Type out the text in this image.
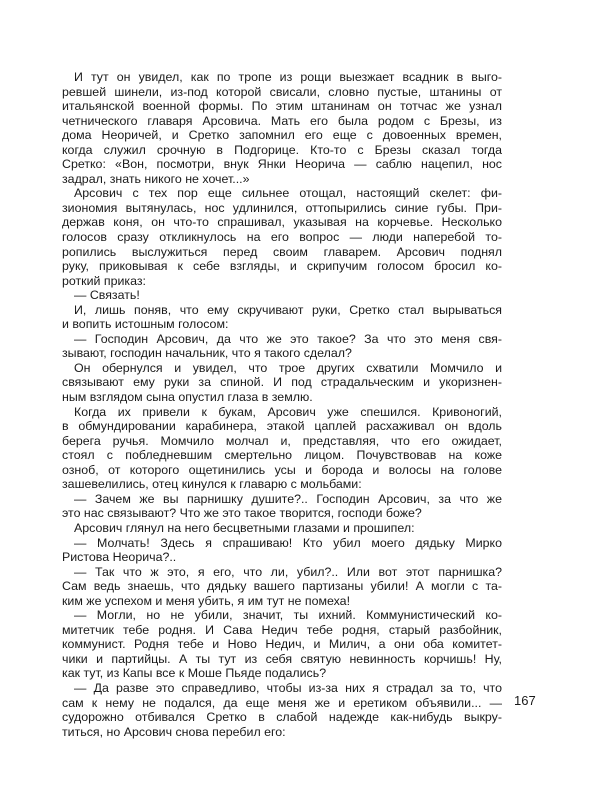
И тут он увидел, как по тропе из рощи выезжает всадник в выго-
ревшей шинели, из-под которой свисали, словно пустые, штанины от
итальянской военной формы. По этим штанинам он тотчас же узнал
четнического главаря Арсовича. Мать его была родом с Брезы, из
дома Неоричей, и Сретко запомнил его еще с довоенных времен,
когда служил срочную в Подгорице. Кто-то с Брезы сказал тогда
Сретко: «Вон, посмотри, внук Янки Неорича — саблю нацепил, нос
задрал, знать никого не хочет...»
Арсович с тех пор еще сильнее отощал, настоящий скелет: фи-
зиономия вытянулась, нос удлинился, оттопырились синие губы. При-
держав коня, он что-то спрашивал, указывая на корчевье. Несколько
голосов сразу откликнулось на его вопрос — люди наперебой то-
ропились выслужиться перед своим главарем. Арсович поднял
руку, приковывая к себе взгляды, и скрипучим голосом бросил ко-
роткий приказ:
— Связать!
И, лишь поняв, что ему скручивают руки, Сретко стал вырываться
и вопить истошным голосом:
— Господин Арсович, да что же это такое? За что это меня свя-
зывают, господин начальник, что я такого сделал?
Он обернулся и увидел, что трое других схватили Момчило и
связывают ему руки за спиной. И под страдальческим и укоризнен-
ным взглядом сына опустил глаза в землю.
Когда их привели к букам, Арсович уже спешился. Кривоногий,
в обмундировании карабинера, этакой цаплей расхаживал он вдоль
берега ручья. Момчило молчал и, представляя, что его ожидает,
стоял с побледневшим смертельно лицом. Почувствовав на коже
озноб, от которого ощетинились усы и борода и волосы на голове
зашевелились, отец кинулся к главарю с мольбами:
— Зачем же вы парнишку душите?.. Господин Арсович, за что же
это нас связывают? Что же это такое творится, господи боже?
Арсович глянул на него бесцветными глазами и прошипел:
— Молчать! Здесь я спрашиваю! Кто убил моего дядьку Мирко
Ристова Неорича?..
— Так что ж это, я его, что ли, убил?.. Или вот этот парнишка?
Сам ведь знаешь, что дядьку вашего партизаны убили! А могли с та-
ким же успехом и меня убить, я им тут не помеха!
— Могли, но не убили, значит, ты ихний. Коммунистический ко-
митетчик тебе родня. И Сава Недич тебе родня, старый разбойник,
коммунист. Родня тебе и Ново Недич, и Милич, а они оба комитет-
чики и партийцы. А ты тут из себя святую невинность корчишь! Ну,
как тут, из Капы все к Моше Пьяде подались?
— Да разве это справедливо, чтобы из-за них я страдал за то, что
сам к нему не подался, да еще меня же и еретиком объявили... —
судорожно отбивался Сретко в слабой надежде как-нибудь выкру-
титься, но Арсович снова перебил его:
167
